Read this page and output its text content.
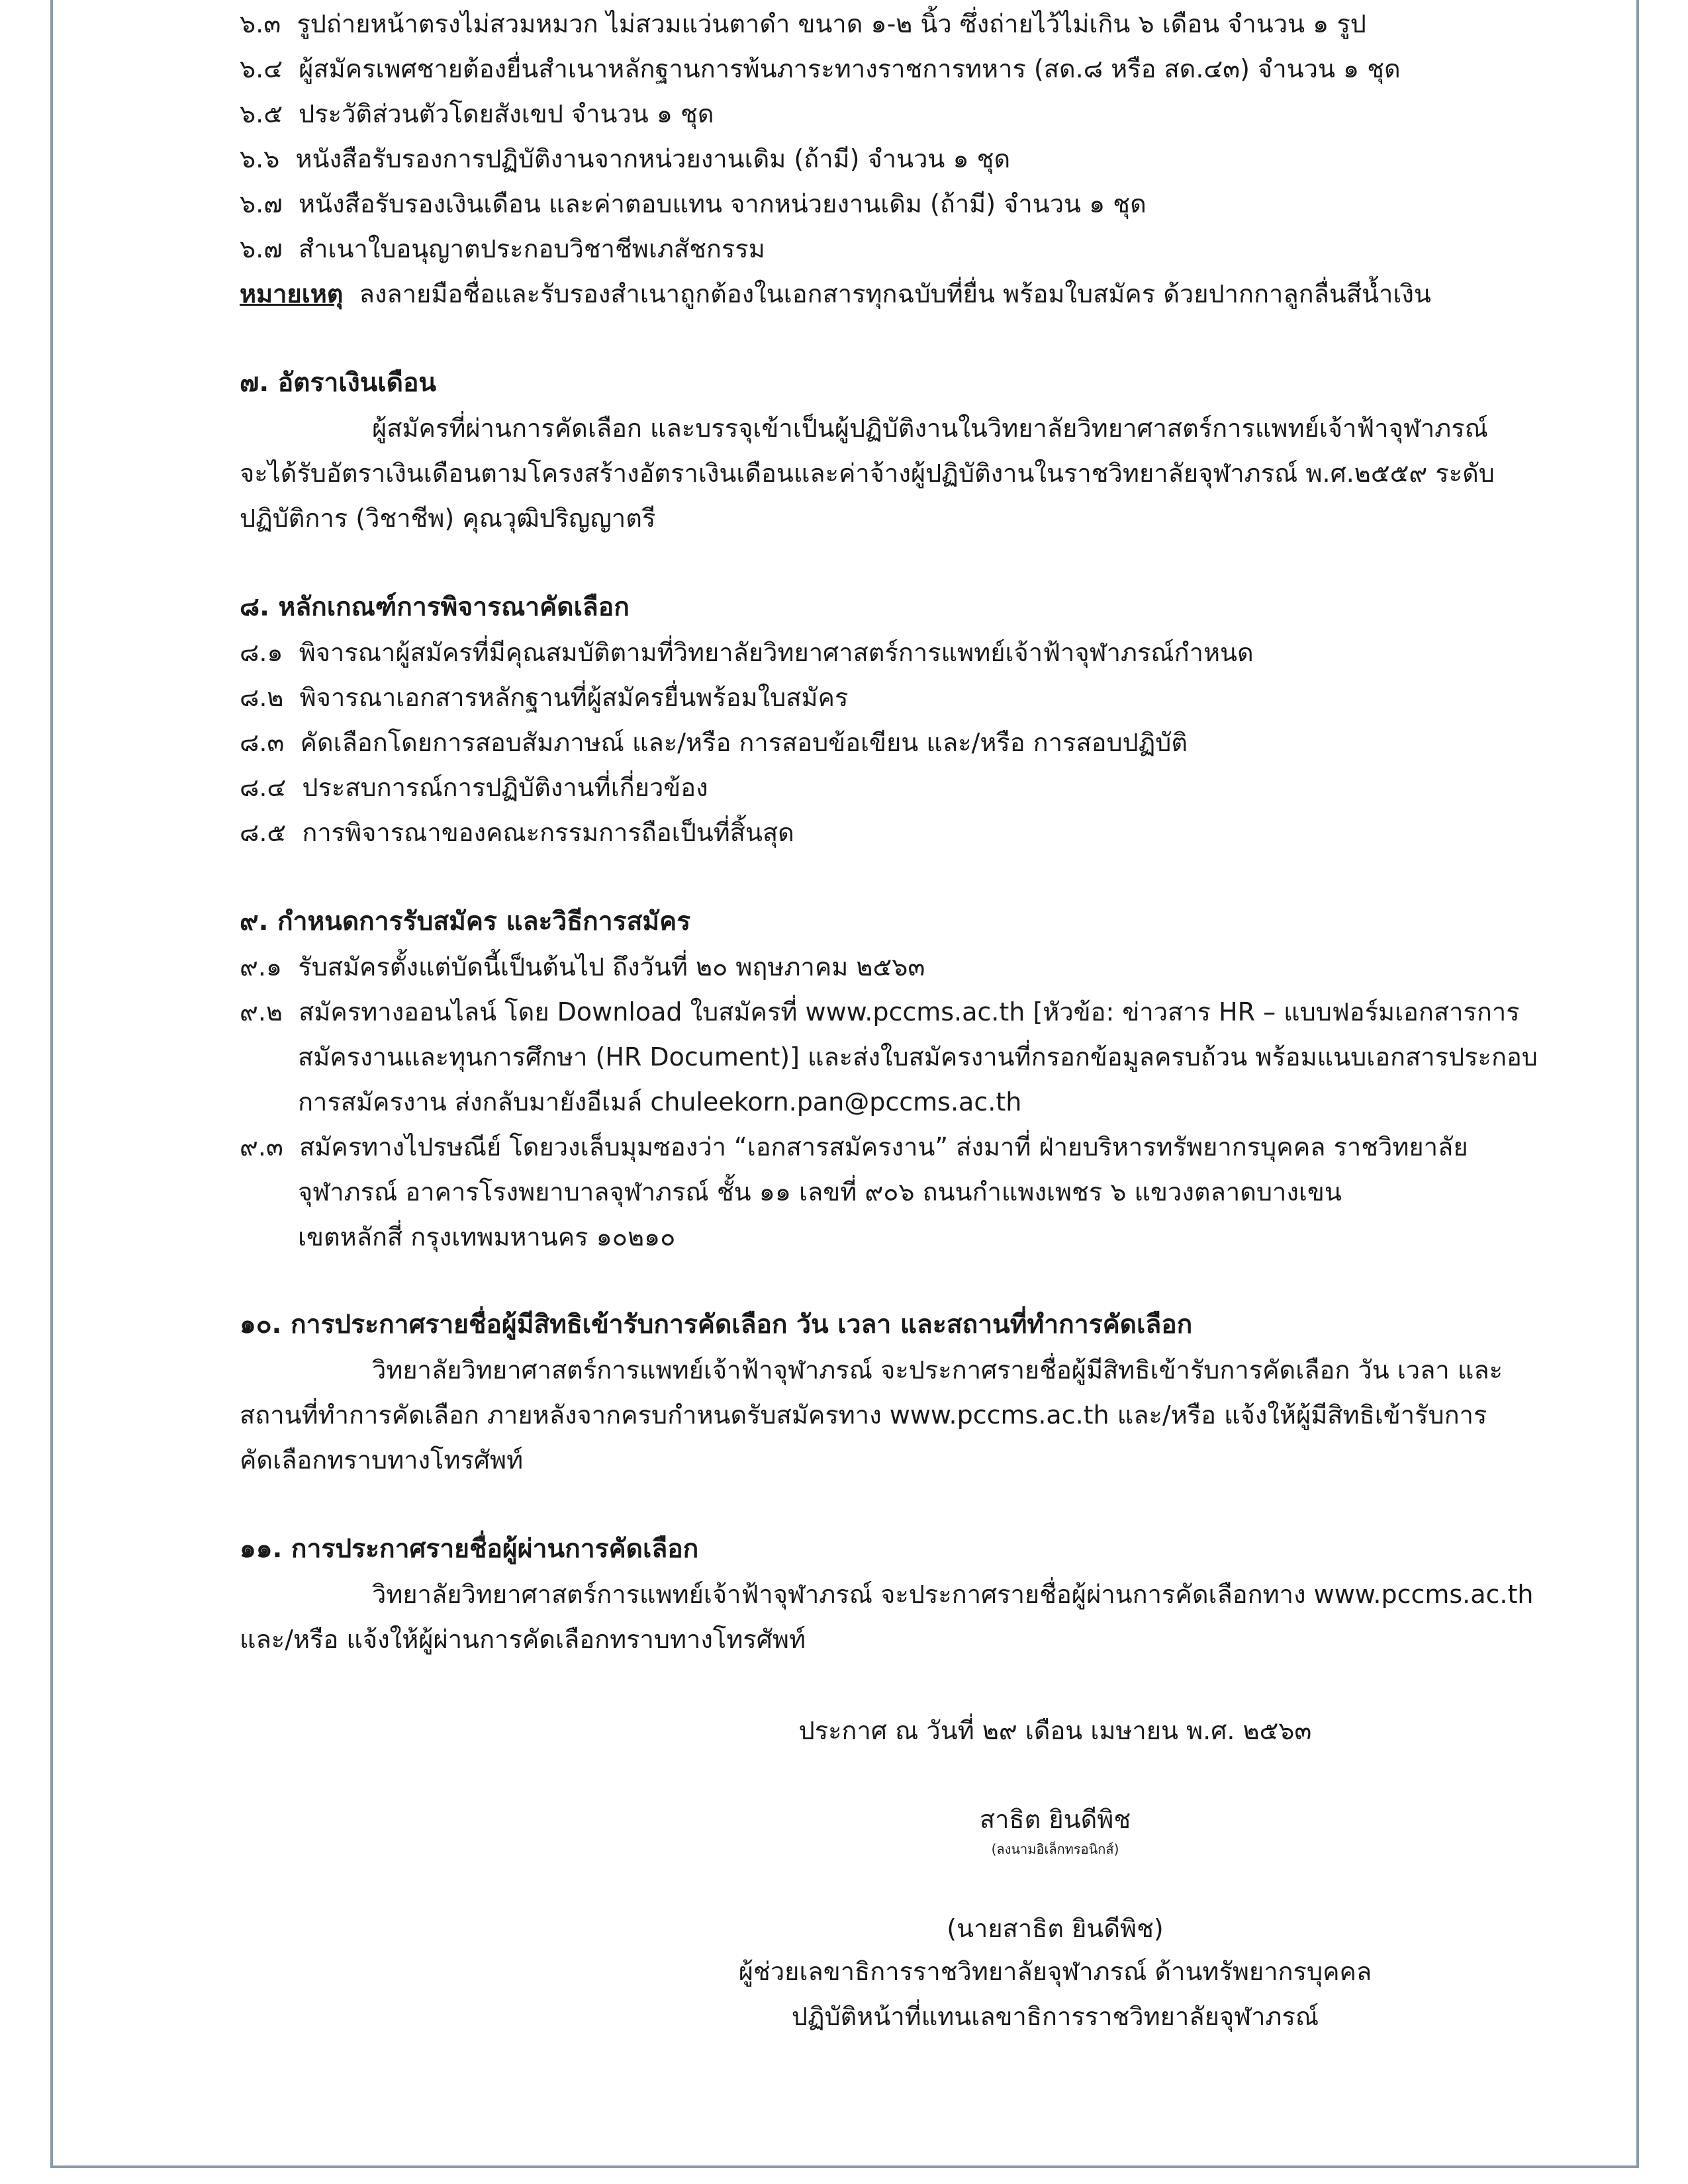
๖.๓ รูปถ่ายหน้าตรงไม่สวมหมวก ไม่สวมแว่นตาดำ ขนาด ๑-๒ นิ้ว ซึ่งถ่ายไว้ไม่เกิน ๖ เดือน จำนวน ๑ รูป
๖.๔ ผู้สมัครเพศชายต้องยื่นสำเนาหลักฐานการพ้นภาระทางราชการทหาร (สด.๘ หรือ สด.๔๓) จำนวน ๑ ชุด
๖.๕ ประวัติส่วนตัวโดยสังเขป จำนวน ๑ ชุด
๖.๖ หนังสือรับรองการปฏิบัติงานจากหน่วยงานเดิม (ถ้ามี) จำนวน ๑ ชุด
๖.๗ หนังสือรับรองเงินเดือน และค่าตอบแทน จากหน่วยงานเดิม (ถ้ามี) จำนวน ๑ ชุด
๖.๗ สำเนาใบอนุญาตประกอบวิชาชีพเภสัชกรรม
หมายเหตุ ลงลายมือชื่อและรับรองสำเนาถูกต้องในเอกสารทุกฉบับที่ยื่น พร้อมใบสมัคร ด้วยปากกาลูกลื่นสีน้ำเงิน
๗. อัตราเงินเดือน
ผู้สมัครที่ผ่านการคัดเลือก และบรรจุเข้าเป็นผู้ปฏิบัติงานในวิทยาลัยวิทยาศาสตร์การแพทย์เจ้าฟ้าจุฬาภรณ์
จะได้รับอัตราเงินเดือนตามโครงสร้างอัตราเงินเดือนและค่าจ้างผู้ปฏิบัติงานในราชวิทยาลัยจุฬาภรณ์ พ.ศ.๒๕๕๙ ระดับ
ปฏิบัติการ (วิชาชีพ) คุณวุฒิปริญญาตรี
๘. หลักเกณฑ์การพิจารณาคัดเลือก
๘.๑ พิจารณาผู้สมัครที่มีคุณสมบัติตามที่วิทยาลัยวิทยาศาสตร์การแพทย์เจ้าฟ้าจุฬาภรณ์กำหนด
๘.๒ พิจารณาเอกสารหลักฐานที่ผู้สมัครยื่นพร้อมใบสมัคร
๘.๓ คัดเลือกโดยการสอบสัมภาษณ์ และ/หรือ การสอบข้อเขียน และ/หรือ การสอบปฏิบัติ
๘.๔ ประสบการณ์การปฏิบัติงานที่เกี่ยวข้อง
๘.๕ การพิจารณาของคณะกรรมการถือเป็นที่สิ้นสุด
๙. กำหนดการรับสมัคร และวิธีการสมัคร
๙.๑ รับสมัครตั้งแต่บัดนี้เป็นต้นไป ถึงวันที่ ๒๐ พฤษภาคม ๒๕๖๓
๙.๒ สมัครทางออนไลน์ โดย Download ใบสมัครที่ www.pccms.ac.th [หัวข้อ: ข่าวสาร HR – แบบฟอร์มเอกสารการ
สมัครงานและทุนการศึกษา (HR Document)] และส่งใบสมัครงานที่กรอกข้อมูลครบถ้วน พร้อมแนบเอกสารประกอบ
การสมัครงาน ส่งกลับมายังอีเมล์ chuleekorn.pan@pccms.ac.th
๙.๓ สมัครทางไปรษณีย์ โดยวงเล็บมุมซองว่า “เอกสารสมัครงาน” ส่งมาที่ ฝ่ายบริหารทรัพยากรบุคคล ราชวิทยาลัย
จุฬาภรณ์ อาคารโรงพยาบาลจุฬาภรณ์ ชั้น ๑๑ เลขที่ ๙๐๖ ถนนกำแพงเพชร ๖ แขวงตลาดบางเขน
เขตหลักสี่ กรุงเทพมหานคร ๑๐๒๑๐
๑๐. การประกาศรายชื่อผู้มีสิทธิเข้ารับการคัดเลือก วัน เวลา และสถานที่ทำการคัดเลือก
วิทยาลัยวิทยาศาสตร์การแพทย์เจ้าฟ้าจุฬาภรณ์ จะประกาศรายชื่อผู้มีสิทธิเข้ารับการคัดเลือก วัน เวลา และ
สถานที่ทำการคัดเลือก ภายหลังจากครบกำหนดรับสมัครทาง www.pccms.ac.th และ/หรือ แจ้งให้ผู้มีสิทธิเข้ารับการ
คัดเลือกทราบทางโทรศัพท์
๑๑. การประกาศรายชื่อผู้ผ่านการคัดเลือก
วิทยาลัยวิทยาศาสตร์การแพทย์เจ้าฟ้าจุฬาภรณ์ จะประกาศรายชื่อผู้ผ่านการคัดเลือกทาง www.pccms.ac.th
และ/หรือ แจ้งให้ผู้ผ่านการคัดเลือกทราบทางโทรศัพท์
ประกาศ ณ วันที่ ๒๙ เดือน เมษายน พ.ศ. ๒๕๖๓
สาธิต ยินดีพิช
(ลงนามอิเล็กทรอนิกส์)
(นายสาธิต ยินดีพิช)
ผู้ช่วยเลขาธิการราชวิทยาลัยจุฬาภรณ์ ด้านทรัพยากรบุคคล
ปฏิบัติหน้าที่แทนเลขาธิการราชวิทยาลัยจุฬาภรณ์
